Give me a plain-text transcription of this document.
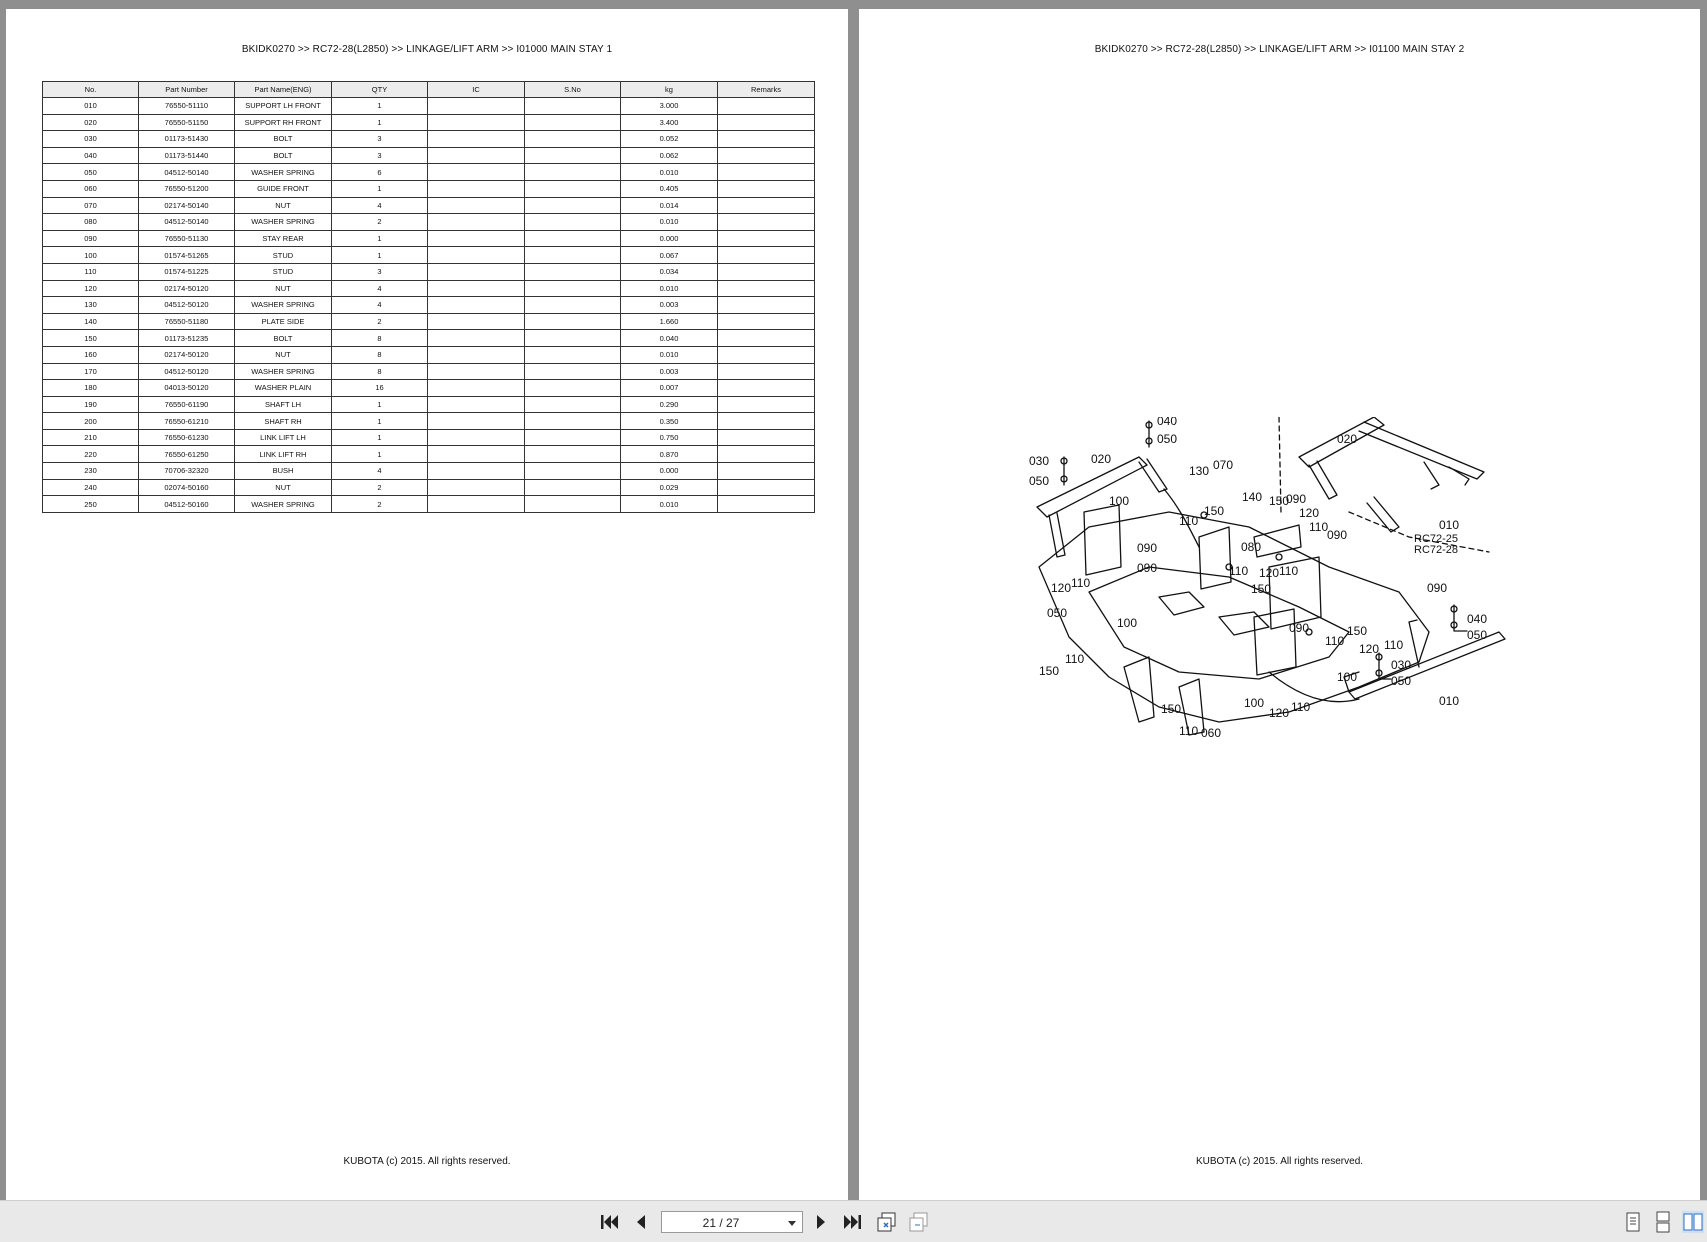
BKIDK0270 >> RC72-28(L2850) >> LINKAGE/LIFT ARM >> I01000 MAIN STAY 1
No.	Part Number	Part Name(ENG)	QTY	IC	S.No	kg	Remarks
010	76550-51110	SUPPORT LH FRONT	1			3.000	
020	76550-51150	SUPPORT RH FRONT	1			3.400	
030	01173-51430	BOLT	3			0.052	
040	01173-51440	BOLT	3			0.062	
050	04512-50140	WASHER SPRING	6			0.010	
060	76550-51200	GUIDE FRONT	1			0.405	
070	02174-50140	NUT	4			0.014	
080	04512-50140	WASHER SPRING	2			0.010	
090	76550-51130	STAY REAR	1			0.000	
100	01574-51265	STUD	1			0.067	
110	01574-51225	STUD	3			0.034	
120	02174-50120	NUT	4			0.010	
130	04512-50120	WASHER SPRING	4			0.003	
140	76550-51180	PLATE SIDE	2			1.660	
150	01173-51235	BOLT	8			0.040	
160	02174-50120	NUT	8			0.010	
170	04512-50120	WASHER SPRING	8			0.003	
180	04013-50120	WASHER PLAIN	16			0.007	
190	76550-61190	SHAFT LH	1			0.290	
200	76550-61210	SHAFT RH	1			0.350	
210	76550-61230	LINK LIFT LH	1			0.750	
220	76550-61250	LINK LIFT RH	1			0.870	
230	70706-32320	BUSH	4			0.000	
240	02074-50160	NUT	2			0.029	
250	04512-50160	WASHER SPRING	2			0.010	
KUBOTA (c) 2015. All rights reserved.
BKIDK0270 >> RC72-28(L2850) >> LINKAGE/LIFT ARM >> I01100 MAIN STAY 2
040
050
030
050
020
020
130 070
100	140
150
150
090
120
110
110
090
010
RC72-25
RC72-28
090	080
090	110 120 110
150
120 110	090
050
100	090
040
050
150
110
120 110
030
150
110
100	050
100
120 110	010
150
110 060
KUBOTA (c) 2015. All rights reserved.
21 / 27
